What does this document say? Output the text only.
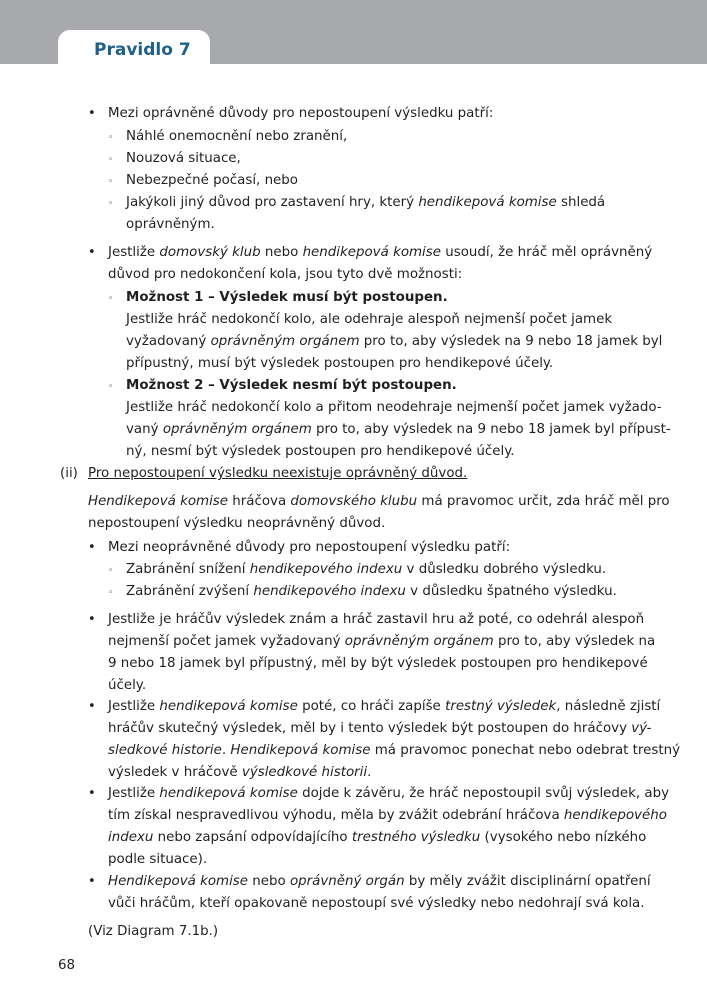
Pravidlo 7
• Mezi oprávněné důvody pro nepostoupení výsledku patří:
◦ Náhlé onemocnění nebo zranění,
◦ Nouzová situace,
◦ Nebezpečné počasí, nebo
◦ Jakýkoli jiný důvod pro zastavení hry, který hendikepová komise shledá
oprávněným.
• Jestliže domovský klub nebo hendikepová komise usoudí, že hráč měl oprávněný
důvod pro nedokončení kola, jsou tyto dvě možnosti:
◦ Možnost 1 – Výsledek musí být postoupen.
Jestliže hráč nedokončí kolo, ale odehraje alespoň nejmenší počet jamek
vyžadovaný oprávněným orgánem pro to, aby výsledek na 9 nebo 18 jamek byl
přípustný, musí být výsledek postoupen pro hendikepové účely.
◦ Možnost 2 – Výsledek nesmí být postoupen.
Jestliže hráč nedokončí kolo a přitom neodehraje nejmenší počet jamek vyžado-
vaný oprávněným orgánem pro to, aby výsledek na 9 nebo 18 jamek byl přípust-
ný, nesmí být výsledek postoupen pro hendikepové účely.
(ii) Pro nepostoupení výsledku neexistuje oprávněný důvod.
Hendikepová komise hráčova domovského klubu má pravomoc určit, zda hráč měl pro
nepostoupení výsledku neoprávněný důvod.
• Mezi neoprávněné důvody pro nepostoupení výsledku patří:
◦ Zabránění snížení hendikepového indexu v důsledku dobrého výsledku.
◦ Zabránění zvýšení hendikepového indexu v důsledku špatného výsledku.
• Jestliže je hráčův výsledek znám a hráč zastavil hru až poté, co odehrál alespoň
nejmenší počet jamek vyžadovaný oprávněným orgánem pro to, aby výsledek na
9 nebo 18 jamek byl přípustný, měl by být výsledek postoupen pro hendikepové
účely.
• Jestliže hendikepová komise poté, co hráči zapíše trestný výsledek, následně zjistí
hráčův skutečný výsledek, měl by i tento výsledek být postoupen do hráčovy vý-
sledkové historie. Hendikepová komise má pravomoc ponechat nebo odebrat trestný
výsledek v hráčově výsledkové historii.
• Jestliže hendikepová komise dojde k závěru, že hráč nepostoupil svůj výsledek, aby
tím získal nespravedlivou výhodu, měla by zvážit odebrání hráčova hendikepového
indexu nebo zapsání odpovídajícího trestného výsledku (vysokého nebo nízkého
podle situace).
• Hendikepová komise nebo oprávněný orgán by měly zvážit disciplinární opatření
vůči hráčům, kteří opakovaně nepostoupí své výsledky nebo nedohrají svá kola.
(Viz Diagram 7.1b.)
68
